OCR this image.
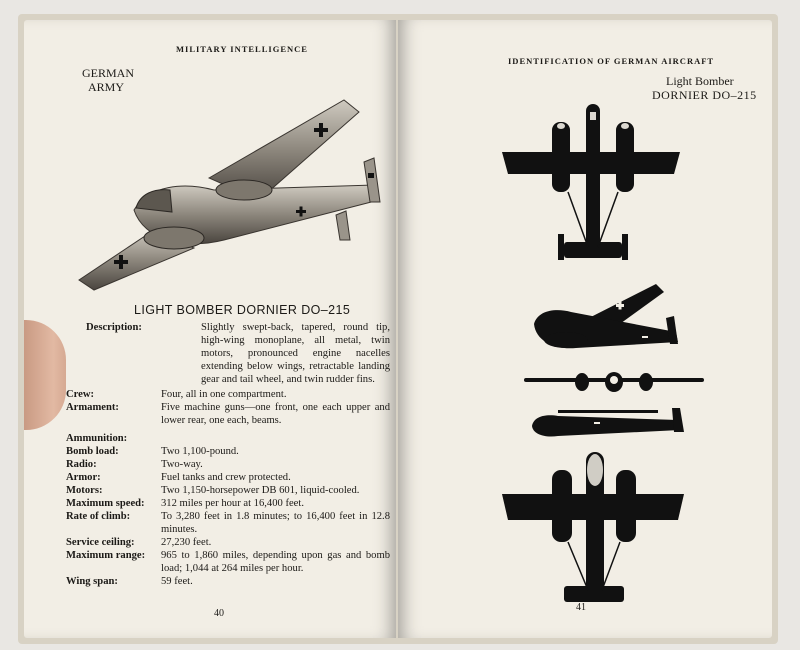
MILITARY INTELLIGENCE
GERMAN
ARMY
LIGHT BOMBER DORNIER DO–215
Description:	Slightly swept-back, tapered, round tip, high-wing monoplane, all metal, twin motors, pronounced engine nacelles extending below wings, retractable landing gear and tail wheel, and twin rudder fins.
Crew:	Four, all in one compartment.
Armament:	Five machine guns—one front, one each upper and lower rear, one each, beams.
Ammunition:
Bomb load:	Two 1,100-pound.
Radio:	Two-way.
Armor:	Fuel tanks and crew protected.
Motors:	Two 1,150-horsepower DB 601, liquid-cooled.
Maximum speed:	312 miles per hour at 16,400 feet.
Rate of climb:	To 3,280 feet in 1.8 minutes; to 16,400 feet in 12.8 minutes.
Service ceiling:	27,230 feet.
Maximum range:	965 to 1,860 miles, depending upon gas and bomb load; 1,044 at 264 miles per hour.
Wing span:	59 feet.
40
IDENTIFICATION OF GERMAN AIRCRAFT
Light Bomber
DORNIER DO–215
41
